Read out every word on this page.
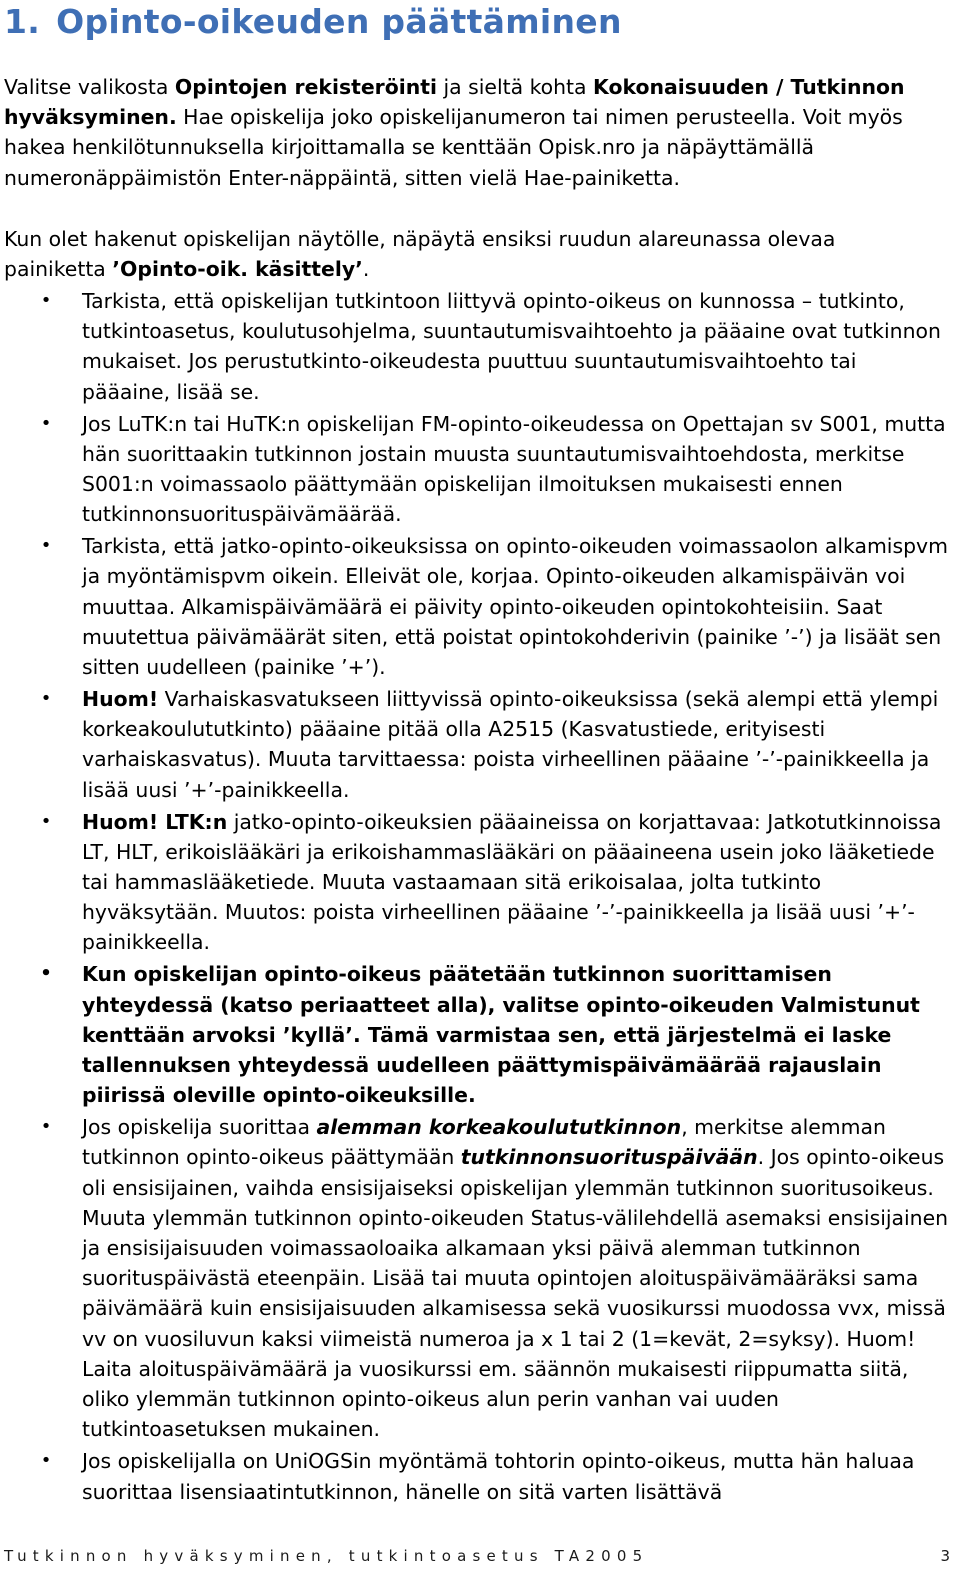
1. Opinto-oikeuden päättäminen

Valitse valikosta Opintojen rekisteröinti ja sieltä kohta Kokonaisuuden / Tutkinnon hyväksyminen. Hae opiskelija joko opiskelijanumeron tai nimen perusteella. Voit myös hakea henkilötunnuksella kirjoittamalla se kenttään Opisk.nro ja näpäyttämällä numeronäppäimistön Enter-näppäintä, sitten vielä Hae-painiketta.

Kun olet hakenut opiskelijan näytölle, näpäytä ensiksi ruudun alareunassa olevaa painiketta ’Opinto-oik. käsittely’.

• Tarkista, että opiskelijan tutkintoon liittyvä opinto-oikeus on kunnossa – tutkinto, tutkintoasetus, koulutusohjelma, suuntautumisvaihtoehto ja pääaine ovat tutkinnon mukaiset. Jos perustutkinto-oikeudesta puuttuu suuntautumisvaihtoehto tai pääaine, lisää se.
• Jos LuTK:n tai HuTK:n opiskelijan FM-opinto-oikeudessa on Opettajan sv S001, mutta hän suorittaakin tutkinnon jostain muusta suuntautumisvaihtoehdosta, merkitse S001:n voimassaolo päättymään opiskelijan ilmoituksen mukaisesti ennen tutkinnonsuorituspäivämäärää.
• Tarkista, että jatko-opinto-oikeuksissa on opinto-oikeuden voimassaolon alkamispvm ja myöntämispvm oikein. Elleivät ole, korjaa. Opinto-oikeuden alkamispäivän voi muuttaa. Alkamispäivämäärä ei päivity opinto-oikeuden opintokohteisiin. Saat muutettua päivämäärät siten, että poistat opintokohderivin (painike ’-’) ja lisäät sen sitten uudelleen (painike ’+’).
• Huom! Varhaiskasvatukseen liittyvissä opinto-oikeuksissa (sekä alempi että ylempi korkeakoulututkinto) pääaine pitää olla A2515 (Kasvatustiede, erityisesti varhaiskasvatus). Muuta tarvittaessa: poista virheellinen pääaine ’-’-painikkeella ja lisää uusi ’+’-painikkeella.
• Huom! LTK:n jatko-opinto-oikeuksien pääaineissa on korjattavaa: Jatkotutkinnoissa LT, HLT, erikoislääkäri ja erikoishammaslääkäri on pääaineena usein joko lääketiede tai hammaslääketiede. Muuta vastaamaan sitä erikoisalaa, jolta tutkinto hyväksytään. Muutos: poista virheellinen pääaine ’-’-painikkeella ja lisää uusi ’+’-painikkeella.
• Kun opiskelijan opinto-oikeus päätetään tutkinnon suorittamisen yhteydessä (katso periaatteet alla), valitse opinto-oikeuden Valmistunut kenttään arvoksi ’kyllä’. Tämä varmistaa sen, että järjestelmä ei laske tallennuksen yhteydessä uudelleen päättymispäivämäärää rajauslain piirissä oleville opinto-oikeuksille.
• Jos opiskelija suorittaa alemman korkeakoulututkinnon, merkitse alemman tutkinnon opinto-oikeus päättymään tutkinnonsuorituspäivään. Jos opinto-oikeus oli ensisijainen, vaihda ensisijaiseksi opiskelijan ylemmän tutkinnon suoritusoikeus. Muuta ylemmän tutkinnon opinto-oikeuden Status-välilehdellä asemaksi ensisijainen ja ensisijaisuuden voimassaoloaika alkamaan yksi päivä alemman tutkinnon suorituspäivästä eteenpäin. Lisää tai muuta opintojen aloituspäivämääräksi sama päivämäärä kuin ensisijaisuuden alkamisessa sekä vuosikurssi muodossa vvx, missä vv on vuosiluvun kaksi viimeistä numeroa ja x 1 tai 2 (1=kevät, 2=syksy). Huom! Laita aloituspäivämäärä ja vuosikurssi em. säännön mukaisesti riippumatta siitä, oliko ylemmän tutkinnon opinto-oikeus alun perin vanhan vai uuden tutkintoasetuksen mukainen.
• Jos opiskelijalla on UniOGSin myöntämä tohtorin opinto-oikeus, mutta hän haluaa suorittaa lisensiaatintutkinnon, hänelle on sitä varten lisättävä
Tutkinnon hyväksyminen, tutkintoasetus TA2005	3
